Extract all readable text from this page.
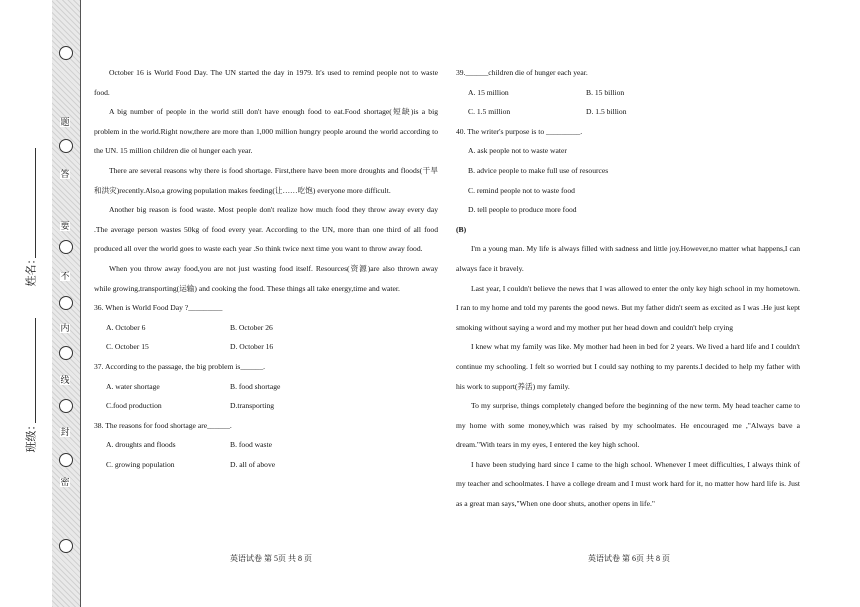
题
答
要
不
内
线
封
密
姓名：
班级：

October 16 is World Food Day. The UN started the day in 1979. It's used to remind people not to waste food.

A big number of people in the world still don't have enough food to eat.Food shortage(短缺)is a big problem in the world.Right now,there are more than 1,000 million hungry people around the world according to the UN. 15 million children die ol hunger each year.

There are several reasons why there is food shortage. First,there have been more droughts and floods(干旱和洪灾)recently.Also,a growing population makes feeding(让……吃饱) everyone more difficult.

Another big reason is food waste. Most people don't realize how much food they throw away every day .The average person wastes 50kg of food every year. According to the UN, more than one third of all food produced all over the world goes to waste each year .So think twice next time you want to throw away food.

When you throw away food,you are not just wasting food itself. Resources(资源)are also thrown away while growing,transporting(运输) and cooking the food. These things all take energy,time and water.

36. When is World Food Day ?_________

A. October 6	B. October 26
C. October 15	D. October 16

37. According to the passage, the big problem is______.

A. water shortage	B. food shortage
C.food production	D.transporting

38. The reasons for food shortage are______.

A. droughts and floods	B. food waste
C. growing population	D. all of above

39.______children die of hunger each year.

A. 15 million	B. 15 billion
C. 1.5 million	D. 1.5 billion

40. The writer's purpose is to _________.

A. ask people not to waste water

B. advice people to make full use of resources

C. remind people not to waste food

D. tell people to produce more food

(B)

I'm a young man. My life is always filled with sadness and little joy.However,no matter what happens,I can always face it bravely.

Last year, I couldn't believe the news that I was allowed to enter the only key high school in my hometown. I ran to my home and told my parents the good news. But my father didn't seem as excited as I was .He just kept smoking without saying a word and my mother put her head down and couldn't help crying

I knew what my family was like. My mother had heen in bed for 2 years. We lived a hard life and I couldn't continue my schooling. I felt so worried but I could say nothing to my parents.I decided to help my father with his work to support(养活) my family.

To my surprise, things completely changed before the beginning of the new term. My head teacher came to my home with some money,which was raised by my schoolmates. He encouraged me ,"Always bave a dream."With tears in my eyes, I entered the key high school.

I have been studying hard since I came to the high school. Whenever I meet difficulties, I always think of my teacher and schoolmates. I have a college dream and I must work hard for it, no matter how hard life is. Just as a great man says,"When one door shuts, another opens in life."

英语试卷 第 5页 共 8 页	英语试卷 第 6页 共 8 页
